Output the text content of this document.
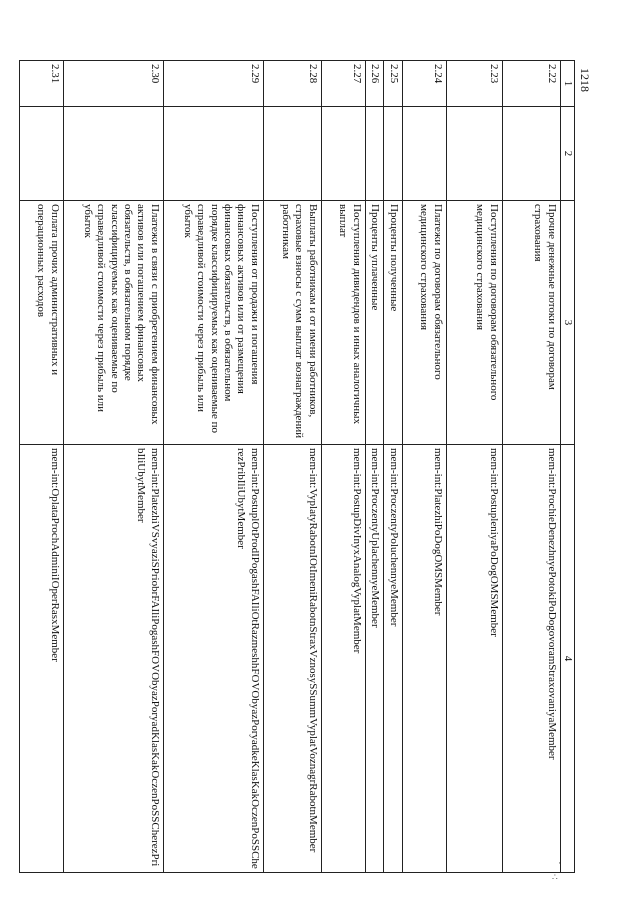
1218
·
∴
1	2	3	4
2.22		Прочие денежные потоки по договорам страхования	mem-int:ProchieDenezhnyePotokiPoDogovoramStraxovaniyaMember
2.23		Поступления по договорам обязательного медицинского страхования	mem-int:PostupleniyaPoDogOMSMember
2.24		Платежи по договорам обязательного медицинского страхования	mem-int:PlatezhiPoDogOMSMember
2.25		Проценты полученные	mem-int:ProczentyPoluchennyeMember
2.26		Проценты уплаченные	mem-int:ProczentyUplachennyeMember
2.27		Поступления дивидендов и иных аналогичных выплат	mem-int:PostupDivInyxAnalogVyplatMember
2.28		Выплаты работникам и от имени работников, страховые взносы с сумм выплат вознаграждений работникам	mem-int:VyplatyRabotnIOtImeniRabotnStraxVznosySSummVyplatVoznagrRabotnMember
2.29		Поступления от продажи и погашения финансовых активов или от размещения финансовых обязательств, в обязательном порядке классифицируемых как оцениваемые по справедливой стоимости через прибыль или убыток	mem-int:PostuplOtProdIPogashFAIliOtRazmeshhFOVObyazPoryadkeKlasKakOczenPoSSCherezPribIliUbytMember
2.30		Платежи в связи с приобретением финансовых активов или погашением финансовых обязательств, в обязательном порядке классифицируемых как оцениваемые по справедливой стоимости через прибыль или убыток	mem-int:PlatezhiVSvyaziSPriobrFAIliPogashFOVObyazPoryadKlasKakOczenPoSSCherezPribIliUbytMember
2.31		Оплата прочих административных и операционных расходов	mem-int:OplataProchAdminiIOperRasxMember
